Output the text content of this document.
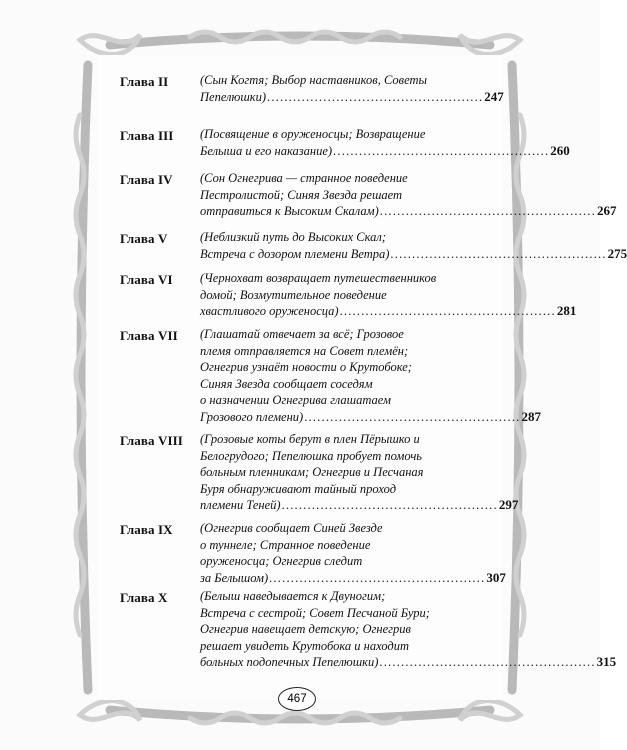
Глава II	(Сын Когтя; Выбор наставников, Советы
Пепелюшки) .................................................. 247
Глава III (Посвящение в оруженосцы; Возвращение
Белыша и его наказание) .................................................. 260
Глава IV (Сон Огнегрива — странное поведение
Пестролистой; Синяя Звезда решает
отправиться к Высоким Скалам) .................................................. 267
Глава V	(Неблизкий путь до Высоких Скал;
Встреча с дозором племени Ветра) .................................................. 275
Глава VI (Чернохват возвращает путешественников
домой; Возмутительное поведение
хвастливого оруженосца) .................................................. 281
Глава VII (Глашатай отвечает за всё; Грозовое
племя отправляется на Совет племён;
Огнегрив узнаёт новости о Крутобоке;
Синяя Звезда сообщает соседям
о назначении Огнегрива глашатаем
Грозового племени) .................................................. 287
Глава VIII (Грозовые коты берут в плен Пёрышко и
Белогрудого; Пепелюшка пробует помочь
больным пленникам; Огнегрив и Песчаная
Буря обнаруживают тайный проход
племени Теней) .................................................. 297
Глава IX (Огнегрив сообщает Синей Звезде
о туннеле; Странное поведение
оруженосца; Огнегрив следит
за Белышом) .................................................. 307
Глава X	(Белыш наведывается к Двуногим;
Встреча с сестрой; Совет Песчаной Бури;
Огнегрив навещает детскую; Огнегрив
решает увидеть Крутобока и находит
больных подопечных Пепелюшки) .................................................. 315
467
